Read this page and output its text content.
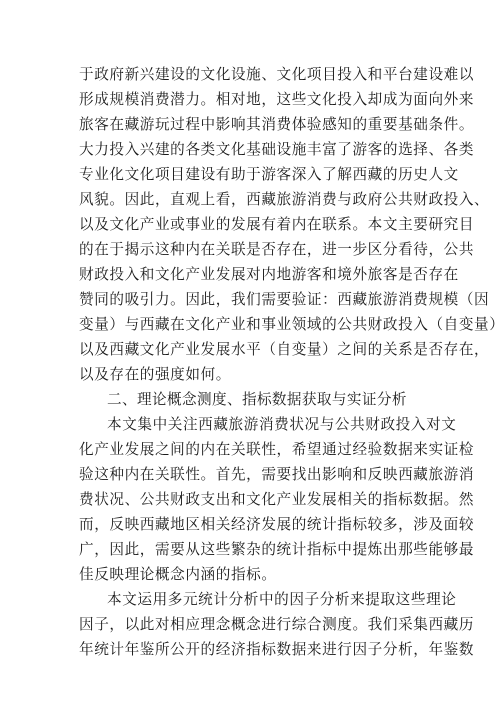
于政府新兴建设的文化设施、文化项目投入和平台建设难以
形成规模消费潜力。相对地，这些文化投入却成为面向外来
旅客在藏游玩过程中影响其消费体验感知的重要基础条件。
大力投入兴建的各类文化基础设施丰富了游客的选择、各类
专业化文化项目建设有助于游客深入了解西藏的历史人文
风貌。因此，直观上看，西藏旅游消费与政府公共财政投入、
以及文化产业或事业的发展有着内在联系。本文主要研究目
的在于揭示这种内在关联是否存在，进一步区分看待，公共
财政投入和文化产业发展对内地游客和境外旅客是否存在
赞同的吸引力。因此，我们需要验证：西藏旅游消费规模（因
变量）与西藏在文化产业和事业领域的公共财政投入（自变量）
以及西藏文化产业发展水平（自变量）之间的关系是否存在，
以及存在的强度如何。
二、理论概念测度、指标数据获取与实证分析
本文集中关注西藏旅游消费状况与公共财政投入对文
化产业发展之间的内在关联性，希望通过经验数据来实证检
验这种内在关联性。首先，需要找出影响和反映西藏旅游消
费状况、公共财政支出和文化产业发展相关的指标数据。然
而，反映西藏地区相关经济发展的统计指标较多，涉及面较
广，因此，需要从这些繁杂的统计指标中提炼出那些能够最
佳反映理论概念内涵的指标。
本文运用多元统计分析中的因子分析来提取这些理论
因子，以此对相应理念概念进行综合测度。我们采集西藏历
年统计年鉴所公开的经济指标数据来进行因子分析，年鉴数
